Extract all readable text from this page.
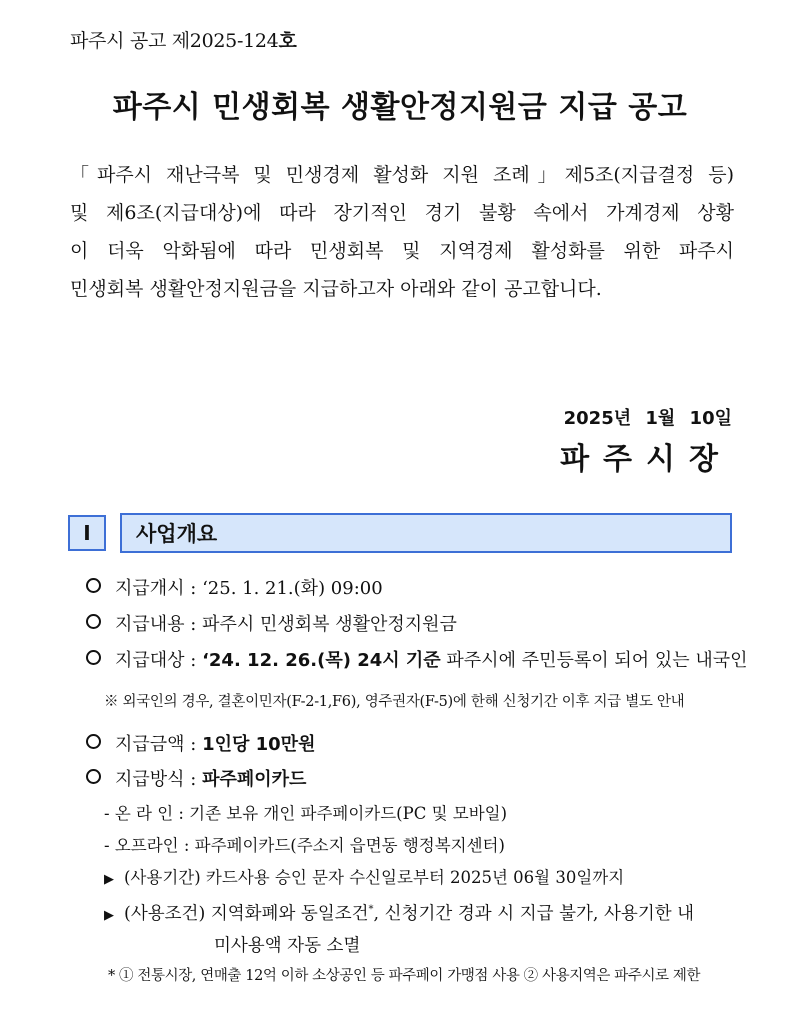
파주시 공고 제2025-124호
파주시 민생회복 생활안정지원금 지급 공고
「파주시 재난극복 및 민생경제 활성화 지원 조례」제5조(지급결정 등)
및 제6조(지급대상)에 따라 장기적인 경기 불황 속에서 가계경제 상황
이 더욱 악화됨에 따라 민생회복 및 지역경제 활성화를 위한 파주시
민생회복 생활안정지원금을 지급하고자 아래와 같이 공고합니다.
2025년 1월 10일
파주시장
I	사업개요
지급개시 : ‘25. 1. 21.(화) 09:00
지급내용 : 파주시 민생회복 생활안정지원금
지급대상 : ‘24. 12. 26.(목) 24시 기준 파주시에 주민등록이 되어 있는 내국인
※ 외국인의 경우, 결혼이민자(F-2-1,F6), 영주권자(F-5)에 한해 신청기간 이후 지급 별도 안내
지급금액 : 1인당 10만원
지급방식 : 파주페이카드
- 온 라 인 : 기존 보유 개인 파주페이카드(PC 및 모바일)
- 오프라인 : 파주페이카드(주소지 읍면동 행정복지센터)
▶ (사용기간) 카드사용 승인 문자 수신일로부터 2025년 06월 30일까지
▶ (사용조건) 지역화폐와 동일조건*, 신청기간 경과 시 지급 불가, 사용기한 내
미사용액 자동 소멸
* ① 전통시장, 연매출 12억 이하 소상공인 등 파주페이 가맹점 사용 ② 사용지역은 파주시로 제한
